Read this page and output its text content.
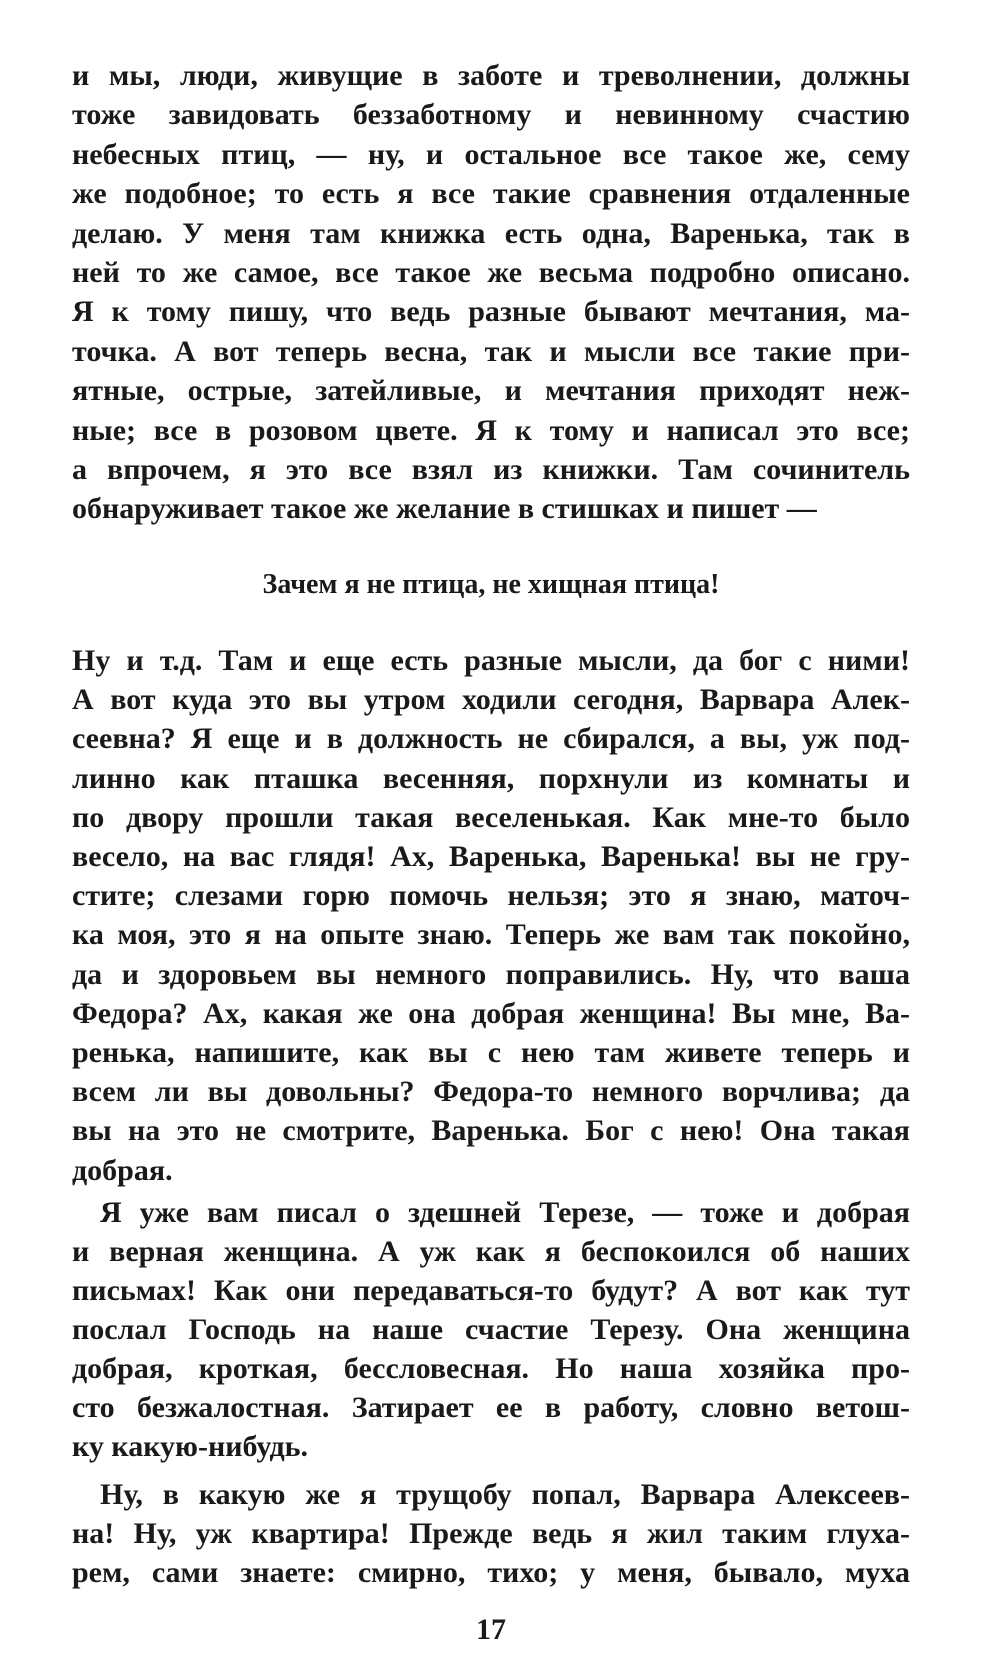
и мы, люди, живущие в заботе и треволнении, должны
тоже завидовать беззаботному и невинному счастию
небесных птиц, — ну, и остальное все такое же, сему
же подобное; то есть я все такие сравнения отдаленные
делаю. У меня там книжка есть одна, Варенька, так в
ней то же самое, все такое же весьма подробно описано.
Я к тому пишу, что ведь разные бывают мечтания, ма-
точка. А вот теперь весна, так и мысли все такие при-
ятные, острые, затейливые, и мечтания приходят неж-
ные; все в розовом цвете. Я к тому и написал это все;
а впрочем, я это все взял из книжки. Там сочинитель
обнаруживает такое же желание в стишках и пишет —
Зачем я не птица, не хищная птица!
Ну и т.д. Там и еще есть разные мысли, да бог с ними!
А вот куда это вы утром ходили сегодня, Варвара Алек-
сеевна? Я еще и в должность не сбирался, а вы, уж под-
линно как пташка весенняя, порхнули из комнаты и
по двору прошли такая веселенькая. Как мне-то было
весело, на вас глядя! Ах, Варенька, Варенька! вы не гру-
стите; слезами горю помочь нельзя; это я знаю, маточ-
ка моя, это я на опыте знаю. Теперь же вам так покойно,
да и здоровьем вы немного поправились. Ну, что ваша
Федора? Ах, какая же она добрая женщина! Вы мне, Ва-
ренька, напишите, как вы с нею там живете теперь и
всем ли вы довольны? Федора-то немного ворчлива; да
вы на это не смотрите, Варенька. Бог с нею! Она такая
добрая.
Я уже вам писал о здешней Терезе, — тоже и добрая
и верная женщина. А уж как я беспокоился об наших
письмах! Как они передаваться-то будут? А вот как тут
послал Господь на наше счастие Терезу. Она женщина
добрая, кроткая, бессловесная. Но наша хозяйка про-
сто безжалостная. Затирает ее в работу, словно ветош-
ку какую-нибудь.
Ну, в какую же я трущобу попал, Варвара Алексеев-
на! Ну, уж квартира! Прежде ведь я жил таким глуха-
рем, сами знаете: смирно, тихо; у меня, бывало, муха
17
